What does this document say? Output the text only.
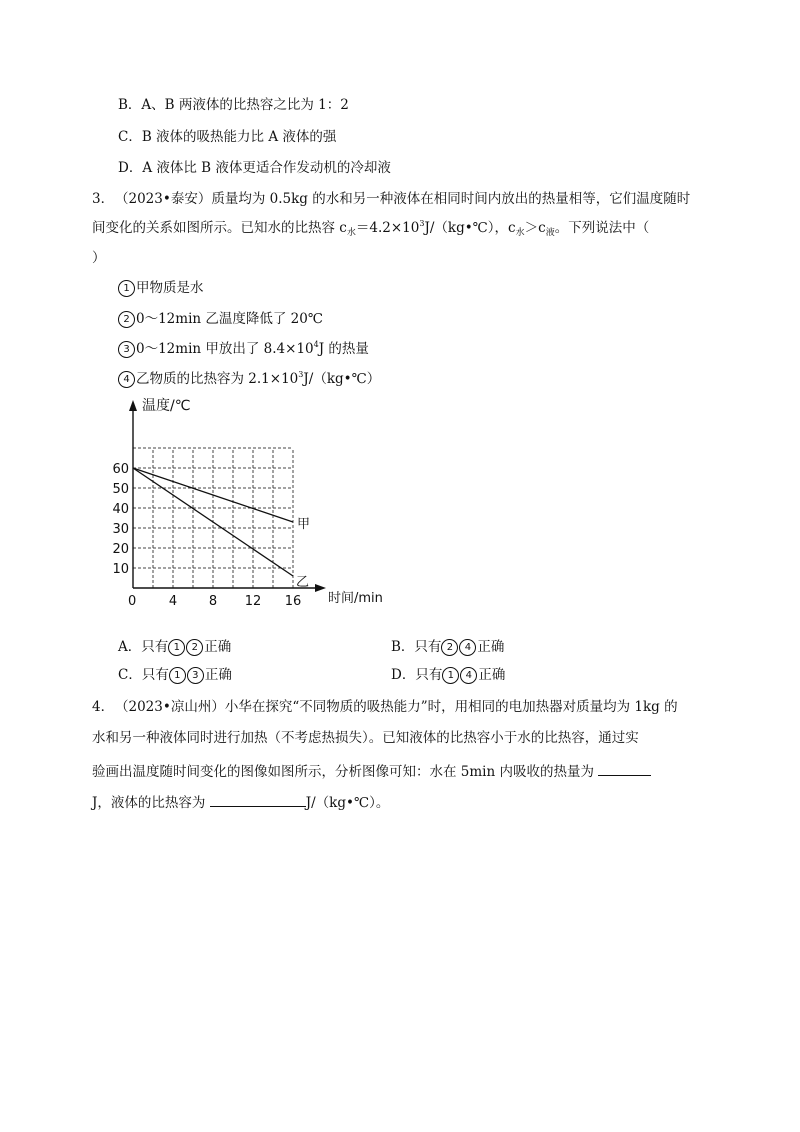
B．A、B 两液体的比热容之比为 1：2
C．B 液体的吸热能力比 A 液体的强
D．A 液体比 B 液体更适合作发动机的冷却液
3． （2023•泰安）质量均为 0.5kg 的水和另一种液体在相同时间内放出的热量相等，它们温度随时
间变化的关系如图所示。已知水的比热容 $c_水=4.2\times 10^3J/(kg•℃)$，$c_水>c_液$。下列说法中（
）
1 甲物质是水
2 0～12min 乙温度降低了 20℃
3 0～12min 甲放出了 $8.4\times 10^4J$ 的热量
4 乙物质的比热容为 $2.1\times 10^3J/(kg•℃)$
温度/℃
时间/min
0	4 8 12 16
10
20
30
40
50
60
甲
乙
A．只有 1 2 正确	B．只有 2 4 正确
C．只有 1 3 正确	D．只有 1 4 正确
4． （2023•凉山州）小华在探究“不同物质的吸热能力”时，用相同的电加热器对质量均为 1kg 的
水和另一种液体同时进行加热（不考虑热损失）。已知液体的比热容小于水的比热容，通过实
验画出温度随时间变化的图像如图所示，分析图像可知：水在 5min 内吸收的热量为
J，液体的比热容为	J/（kg•℃）。
